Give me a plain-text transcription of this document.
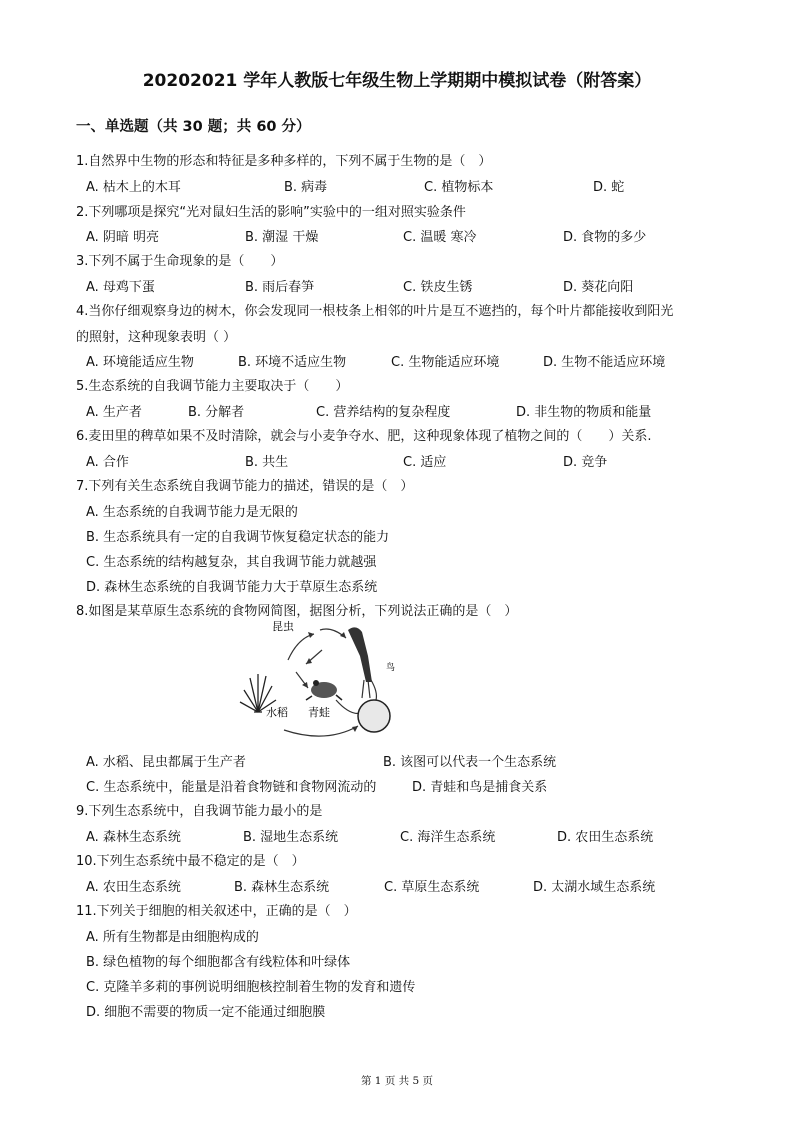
20202021 学年人教版七年级生物上学期期中模拟试卷（附答案）
一、单选题（共 30 题；共 60 分）
1.自然界中生物的形态和特征是多种多样的，下列不属于生物的是（　）
A. 枯木上的木耳	B. 病毒	C. 植物标本	D. 蛇
2.下列哪项是探究“光对鼠妇生活的影响”实验中的一组对照实验条件
A. 阴暗 明亮	B. 潮湿 干燥	C. 温暖 寒冷	D. 食物的多少
3.下列不属于生命现象的是（　　）
A. 母鸡下蛋	B. 雨后春笋	C. 铁皮生锈	D. 葵花向阳
4.当你仔细观察身边的树木，你会发现同一根枝条上相邻的叶片是互不遮挡的，每个叶片都能接收到阳光
的照射，这种现象表明（ ）
A. 环境能适应生物	B. 环境不适应生物	C. 生物能适应环境	D. 生物不能适应环境
5.生态系统的自我调节能力主要取决于（　　）
A. 生产者	B. 分解者	C. 营养结构的复杂程度	D. 非生物的物质和能量
6.麦田里的稗草如果不及时清除，就会与小麦争夺水、肥，这种现象体现了植物之间的（　　）关系.
A. 合作	B. 共生	C. 适应	D. 竞争
7.下列有关生态系统自我调节能力的描述，错误的是（　）
A. 生态系统的自我调节能力是无限的
B. 生态系统具有一定的自我调节恢复稳定状态的能力
C. 生态系统的结构越复杂，其自我调节能力就越强
D. 森林生态系统的自我调节能力大于草原生态系统
8.如图是某草原生态系统的食物网简图，据图分析，下列说法正确的是（　）
昆虫
鸟
水稻 青蛙
A. 水稻、昆虫都属于生产者	B. 该图可以代表一个生态系统
C. 生态系统中，能量是沿着食物链和食物网流动的	D. 青蛙和鸟是捕食关系
9.下列生态系统中，自我调节能力最小的是
A. 森林生态系统	B. 湿地生态系统	C. 海洋生态系统	D. 农田生态系统
10.下列生态系统中最不稳定的是（　）
A. 农田生态系统	B. 森林生态系统	C. 草原生态系统	D. 太湖水域生态系统
11.下列关于细胞的相关叙述中，正确的是（　）
A. 所有生物都是由细胞构成的
B. 绿色植物的每个细胞都含有线粒体和叶绿体
C. 克隆羊多莉的事例说明细胞核控制着生物的发育和遗传
D. 细胞不需要的物质一定不能通过细胞膜
第 1 页 共 5 页
